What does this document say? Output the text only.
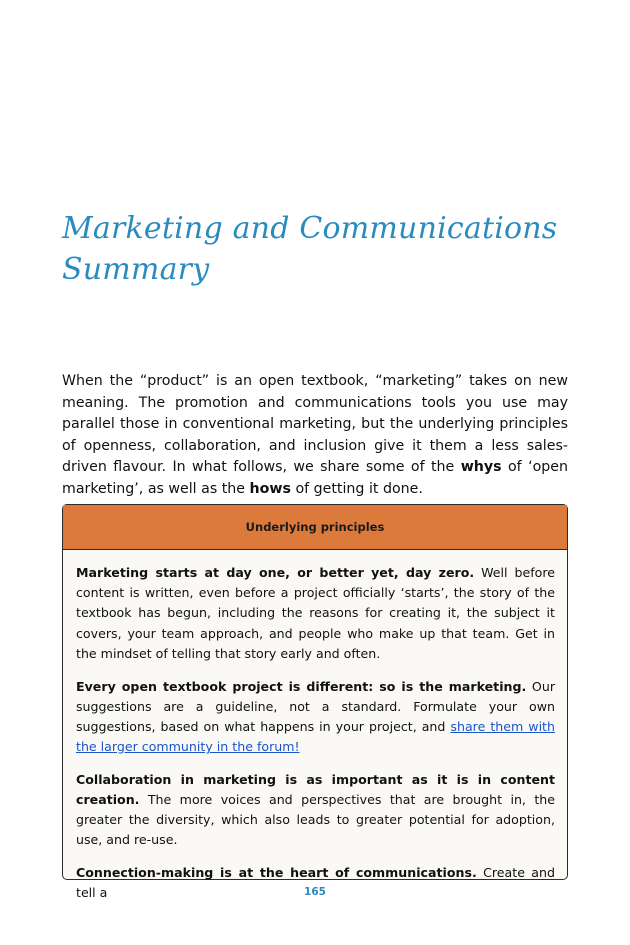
Marketing and Communications
Summary

When the “product” is an open textbook, “marketing” takes on new meaning. The promotion and communications tools you use may parallel those in conventional marketing, but the underlying principles of openness, collaboration, and inclusion give it them a less sales-driven flavour. In what follows, we share some of the whys of ‘open marketing’, as well as the hows of getting it done.

Underlying principles

Marketing starts at day one, or better yet, day zero. Well before content is written, even before a project officially ‘starts’, the story of the textbook has begun, including the reasons for creating it, the subject it covers, your team approach, and people who make up that team. Get in the mindset of telling that story early and often.

Every open textbook project is different: so is the marketing. Our suggestions are a guideline, not a standard. Formulate your own suggestions, based on what happens in your project, and share them with the larger community in the forum!

Collaboration in marketing is as important as it is in content creation. The more voices and perspectives that are brought in, the greater the diversity, which also leads to greater potential for adoption, use, and re-use.

Connection-making is at the heart of communications. Create and tell a	165
